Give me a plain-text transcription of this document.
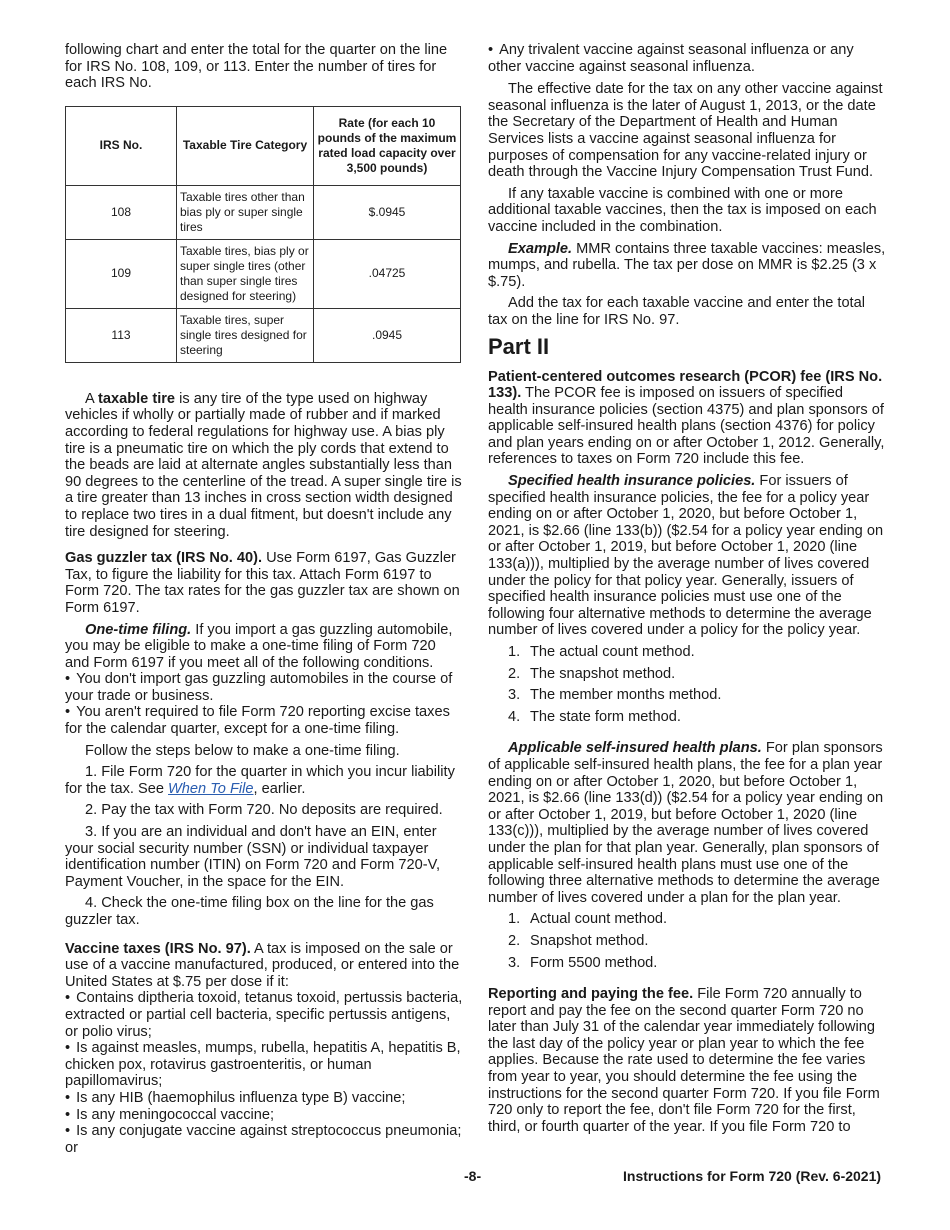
following chart and enter the total for the quarter on the line for IRS No. 108, 109, or 113. Enter the number of tires for each IRS No.

IRS No.	Taxable Tire Category	Rate (for each 10 pounds of the maximum rated load capacity over 3,500 pounds)
108	Taxable tires other than bias ply or super single tires	$.0945
109	Taxable tires, bias ply or super single tires (other than super single tires designed for steering)	.04725
113	Taxable tires, super single tires designed for steering	.0945

A taxable tire is any tire of the type used on highway vehicles if wholly or partially made of rubber and if marked according to federal regulations for highway use. A bias ply tire is a pneumatic tire on which the ply cords that extend to the beads are laid at alternate angles substantially less than 90 degrees to the centerline of the tread. A super single tire is a tire greater than 13 inches in cross section width designed to replace two tires in a dual fitment, but doesn't include any tire designed for steering.

Gas guzzler tax (IRS No. 40). Use Form 6197, Gas Guzzler Tax, to figure the liability for this tax. Attach Form 6197 to Form 720. The tax rates for the gas guzzler tax are shown on Form 6197.

One-time filing. If you import a gas guzzling automobile, you may be eligible to make a one-time filing of Form 720 and Form 6197 if you meet all of the following conditions.

• You don't import gas guzzling automobiles in the course of your trade or business.

• You aren't required to file Form 720 reporting excise taxes for the calendar quarter, except for a one-time filing.

Follow the steps below to make a one-time filing.

1. File Form 720 for the quarter in which you incur liability for the tax. See When To File, earlier.

2. Pay the tax with Form 720. No deposits are required.

3. If you are an individual and don't have an EIN, enter your social security number (SSN) or individual taxpayer identification number (ITIN) on Form 720 and Form 720-V, Payment Voucher, in the space for the EIN.

4. Check the one-time filing box on the line for the gas guzzler tax.

Vaccine taxes (IRS No. 97). A tax is imposed on the sale or use of a vaccine manufactured, produced, or entered into the United States at $.75 per dose if it:

• Contains diptheria toxoid, tetanus toxoid, pertussis bacteria, extracted or partial cell bacteria, specific pertussis antigens, or polio virus;

• Is against measles, mumps, rubella, hepatitis A, hepatitis B, chicken pox, rotavirus gastroenteritis, or human papillomavirus;

• Is any HIB (haemophilus influenza type B) vaccine;

• Is any meningococcal vaccine;

• Is any conjugate vaccine against streptococcus pneumonia; or

• Any trivalent vaccine against seasonal influenza or any other vaccine against seasonal influenza.

The effective date for the tax on any other vaccine against seasonal influenza is the later of August 1, 2013, or the date the Secretary of the Department of Health and Human Services lists a vaccine against seasonal influenza for purposes of compensation for any vaccine-related injury or death through the Vaccine Injury Compensation Trust Fund.

If any taxable vaccine is combined with one or more additional taxable vaccines, then the tax is imposed on each vaccine included in the combination.

Example. MMR contains three taxable vaccines: measles, mumps, and rubella. The tax per dose on MMR is $2.25 (3 x $.75).

Add the tax for each taxable vaccine and enter the total tax on the line for IRS No. 97.

Part II

Patient-centered outcomes research (PCOR) fee (IRS No. 133). The PCOR fee is imposed on issuers of specified health insurance policies (section 4375) and plan sponsors of applicable self-insured health plans (section 4376) for policy and plan years ending on or after October 1, 2012. Generally, references to taxes on Form 720 include this fee.

Specified health insurance policies. For issuers of specified health insurance policies, the fee for a policy year ending on or after October 1, 2020, but before October 1, 2021, is $2.66 (line 133(b)) ($2.54 for a policy year ending on or after October 1, 2019, but before October 1, 2020 (line 133(a))), multiplied by the average number of lives covered under the policy for that policy year. Generally, issuers of specified health insurance policies must use one of the following four alternative methods to determine the average number of lives covered under a policy for the policy year.

1. The actual count method.
2. The snapshot method.
3. The member months method.
4. The state form method.

Applicable self-insured health plans. For plan sponsors of applicable self-insured health plans, the fee for a plan year ending on or after October 1, 2020, but before October 1, 2021, is $2.66 (line 133(d)) ($2.54 for a policy year ending on or after October 1, 2019, but before October 1, 2020 (line 133(c))), multiplied by the average number of lives covered under the plan for that plan year. Generally, plan sponsors of applicable self-insured health plans must use one of the following three alternative methods to determine the average number of lives covered under a plan for the plan year.

1. Actual count method.
2. Snapshot method.
3. Form 5500 method.

Reporting and paying the fee. File Form 720 annually to report and pay the fee on the second quarter Form 720 no later than July 31 of the calendar year immediately following the last day of the policy year or plan year to which the fee applies. Because the rate used to determine the fee varies from year to year, you should determine the fee using the instructions for the second quarter Form 720. If you file Form 720 only to report the fee, don't file Form 720 for the first, third, or fourth quarter of the year. If you file Form 720 to

-8-	Instructions for Form 720 (Rev. 6-2021)
